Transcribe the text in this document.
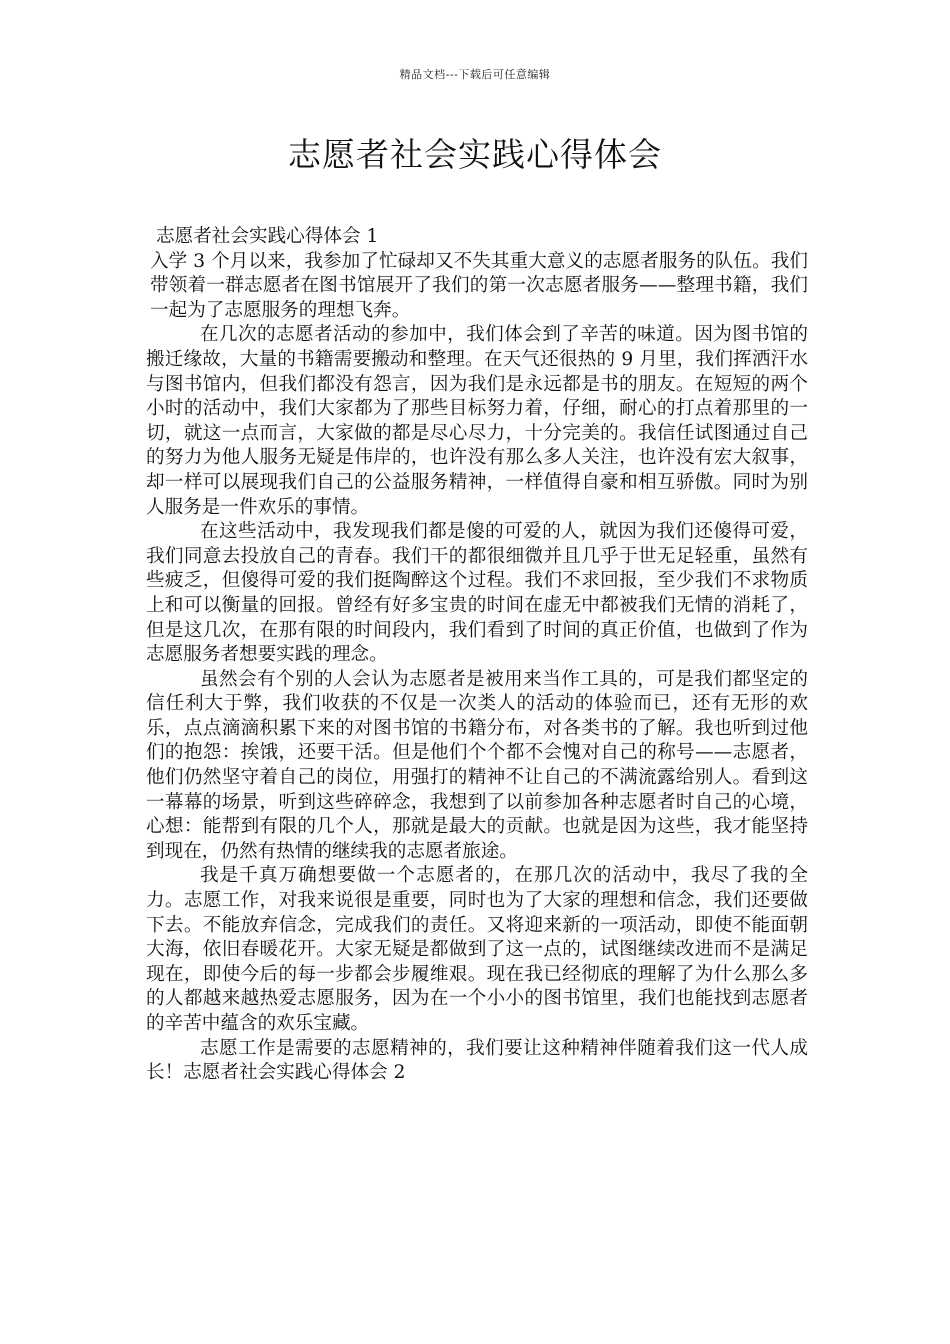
精品文档---下载后可任意编辑
志愿者社会实践心得体会

志愿者社会实践心得体会 1

入学 3 个月以来，我参加了忙碌却又不失其重大意义的志愿者服务的队伍。我们带领着一群志愿者在图书馆展开了我们的第一次志愿者服务——整理书籍，我们一起为了志愿服务的理想飞奔。

在几次的志愿者活动的参加中，我们体会到了辛苦的味道。因为图书馆的搬迁缘故，大量的书籍需要搬动和整理。在天气还很热的 9 月里，我们挥洒汗水与图书馆内，但我们都没有怨言，因为我们是永远都是书的朋友。在短短的两个小时的活动中，我们大家都为了那些目标努力着，仔细，耐心的打点着那里的一切，就这一点而言，大家做的都是尽心尽力，十分完美的。我信任试图通过自己的努力为他人服务无疑是伟岸的，也许没有那么多人关注，也许没有宏大叙事，却一样可以展现我们自己的公益服务精神，一样值得自豪和相互骄傲。同时为别人服务是一件欢乐的事情。

在这些活动中，我发现我们都是傻的可爱的人，就因为我们还傻得可爱，我们同意去投放自己的青春。我们干的都很细微并且几乎于世无足轻重，虽然有些疲乏，但傻得可爱的我们挺陶醉这个过程。我们不求回报，至少我们不求物质上和可以衡量的回报。曾经有好多宝贵的时间在虚无中都被我们无情的消耗了，但是这几次，在那有限的时间段内，我们看到了时间的真正价值，也做到了作为志愿服务者想要实践的理念。

虽然会有个别的人会认为志愿者是被用来当作工具的，可是我们都坚定的信任利大于弊，我们收获的不仅是一次类人的活动的体验而已，还有无形的欢乐，点点滴滴积累下来的对图书馆的书籍分布，对各类书的了解。我也听到过他们的抱怨：挨饿，还要干活。但是他们个个都不会愧对自己的称号——志愿者，他们仍然坚守着自己的岗位，用强打的精神不让自己的不满流露给别人。看到这一幕幕的场景，听到这些碎碎念，我想到了以前参加各种志愿者时自己的心境，心想：能帮到有限的几个人，那就是最大的贡献。也就是因为这些，我才能坚持到现在，仍然有热情的继续我的志愿者旅途。

我是千真万确想要做一个志愿者的，在那几次的活动中，我尽了我的全力。志愿工作，对我来说很是重要，同时也为了大家的理想和信念，我们还要做下去。不能放弃信念，完成我们的责任。又将迎来新的一项活动，即使不能面朝大海，依旧春暖花开。大家无疑是都做到了这一点的，试图继续改进而不是满足现在，即使今后的每一步都会步履维艰。现在我已经彻底的理解了为什么那么多的人都越来越热爱志愿服务，因为在一个小小的图书馆里，我们也能找到志愿者的辛苦中蕴含的欢乐宝藏。

志愿工作是需要的志愿精神的，我们要让这种精神伴随着我们这一代人成长！志愿者社会实践心得体会 2
